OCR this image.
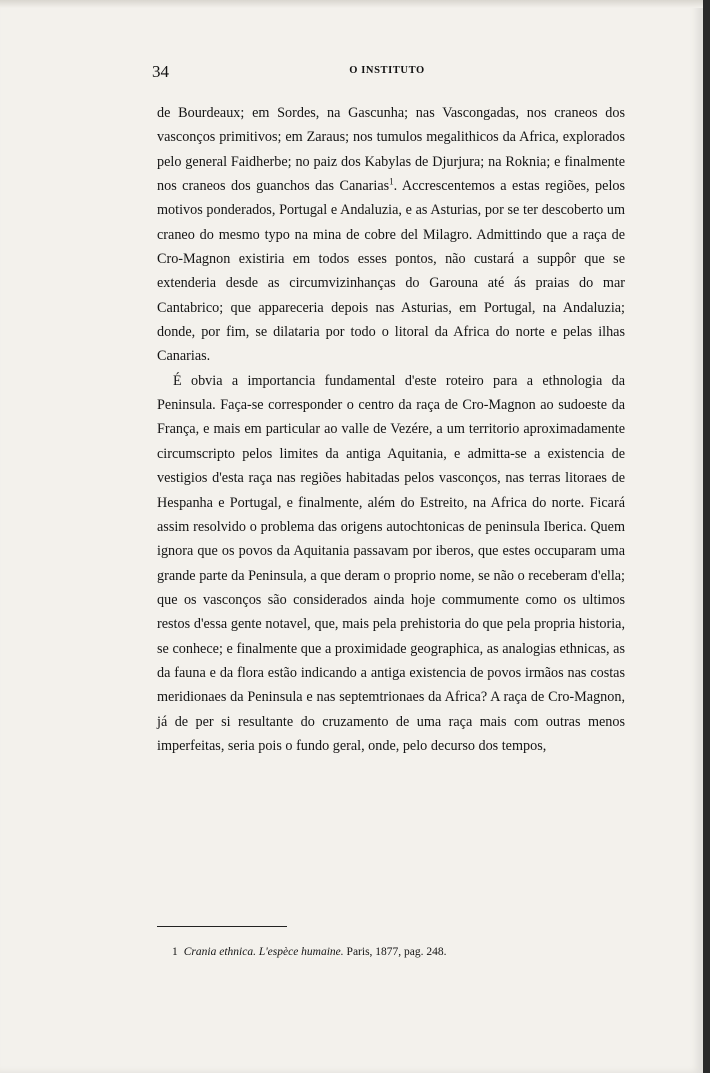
34	O INSTITUTO

de Bourdeaux; em Sordes, na Gascunha; nas Vascongadas, nos craneos dos vasconços primitivos; em Zaraus; nos tumulos megalithicos da Africa, explorados pelo general Faidherbe; no paiz dos Kabylas de Djurjura; na Roknia; e finalmente nos craneos dos guanchos das Canarias$^1$. Accrescentemos a estas regiões, pelos motivos ponderados, Portugal e Andaluzia, e as Asturias, por se ter descoberto um craneo do mesmo typo na mina de cobre del Milagro. Admittindo que a raça de Cro-Magnon existiria em todos esses pontos, não custará a suppôr que se extenderia desde as circumvizinhanças do Garouna até ás praias do mar Cantabrico; que appareceria depois nas Asturias, em Portugal, na Andaluzia; donde, por fim, se dilataria por todo o litoral da Africa do norte e pelas ilhas Canarias.

É obvia a importancia fundamental d'este roteiro para a ethnologia da Peninsula. Faça-se corresponder o centro da raça de Cro-Magnon ao sudoeste da França, e mais em particular ao valle de Vezére, a um territorio aproximadamente circumscripto pelos limites da antiga Aquitania, e admitta-se a existencia de vestigios d'esta raça nas regiões habitadas pelos vasconços, nas terras litoraes de Hespanha e Portugal, e finalmente, além do Estreito, na Africa do norte. Ficará assim resolvido o problema das origens autochtonicas de peninsula Iberica. Quem ignora que os povos da Aquitania passavam por iberos, que estes occuparam uma grande parte da Peninsula, a que deram o proprio nome, se não o receberam d'ella; que os vasconços são considerados ainda hoje commumente como os ultimos restos d'essa gente notavel, que, mais pela prehistoria do que pela propria historia, se conhece; e finalmente que a proximidade geographica, as analogias ethnicas, as da fauna e da flora estão indicando a antiga existencia de povos irmãos nas costas meridionaes da Peninsula e nas septemtrionaes da Africa? A raça de Cro-Magnon, já de per si resultante do cruzamento de uma raça mais com outras menos imperfeitas, seria pois o fundo geral, onde, pelo decurso dos tempos,

1 Crania ethnica. L'espèce humaine. Paris, 1877, pag. 248.
